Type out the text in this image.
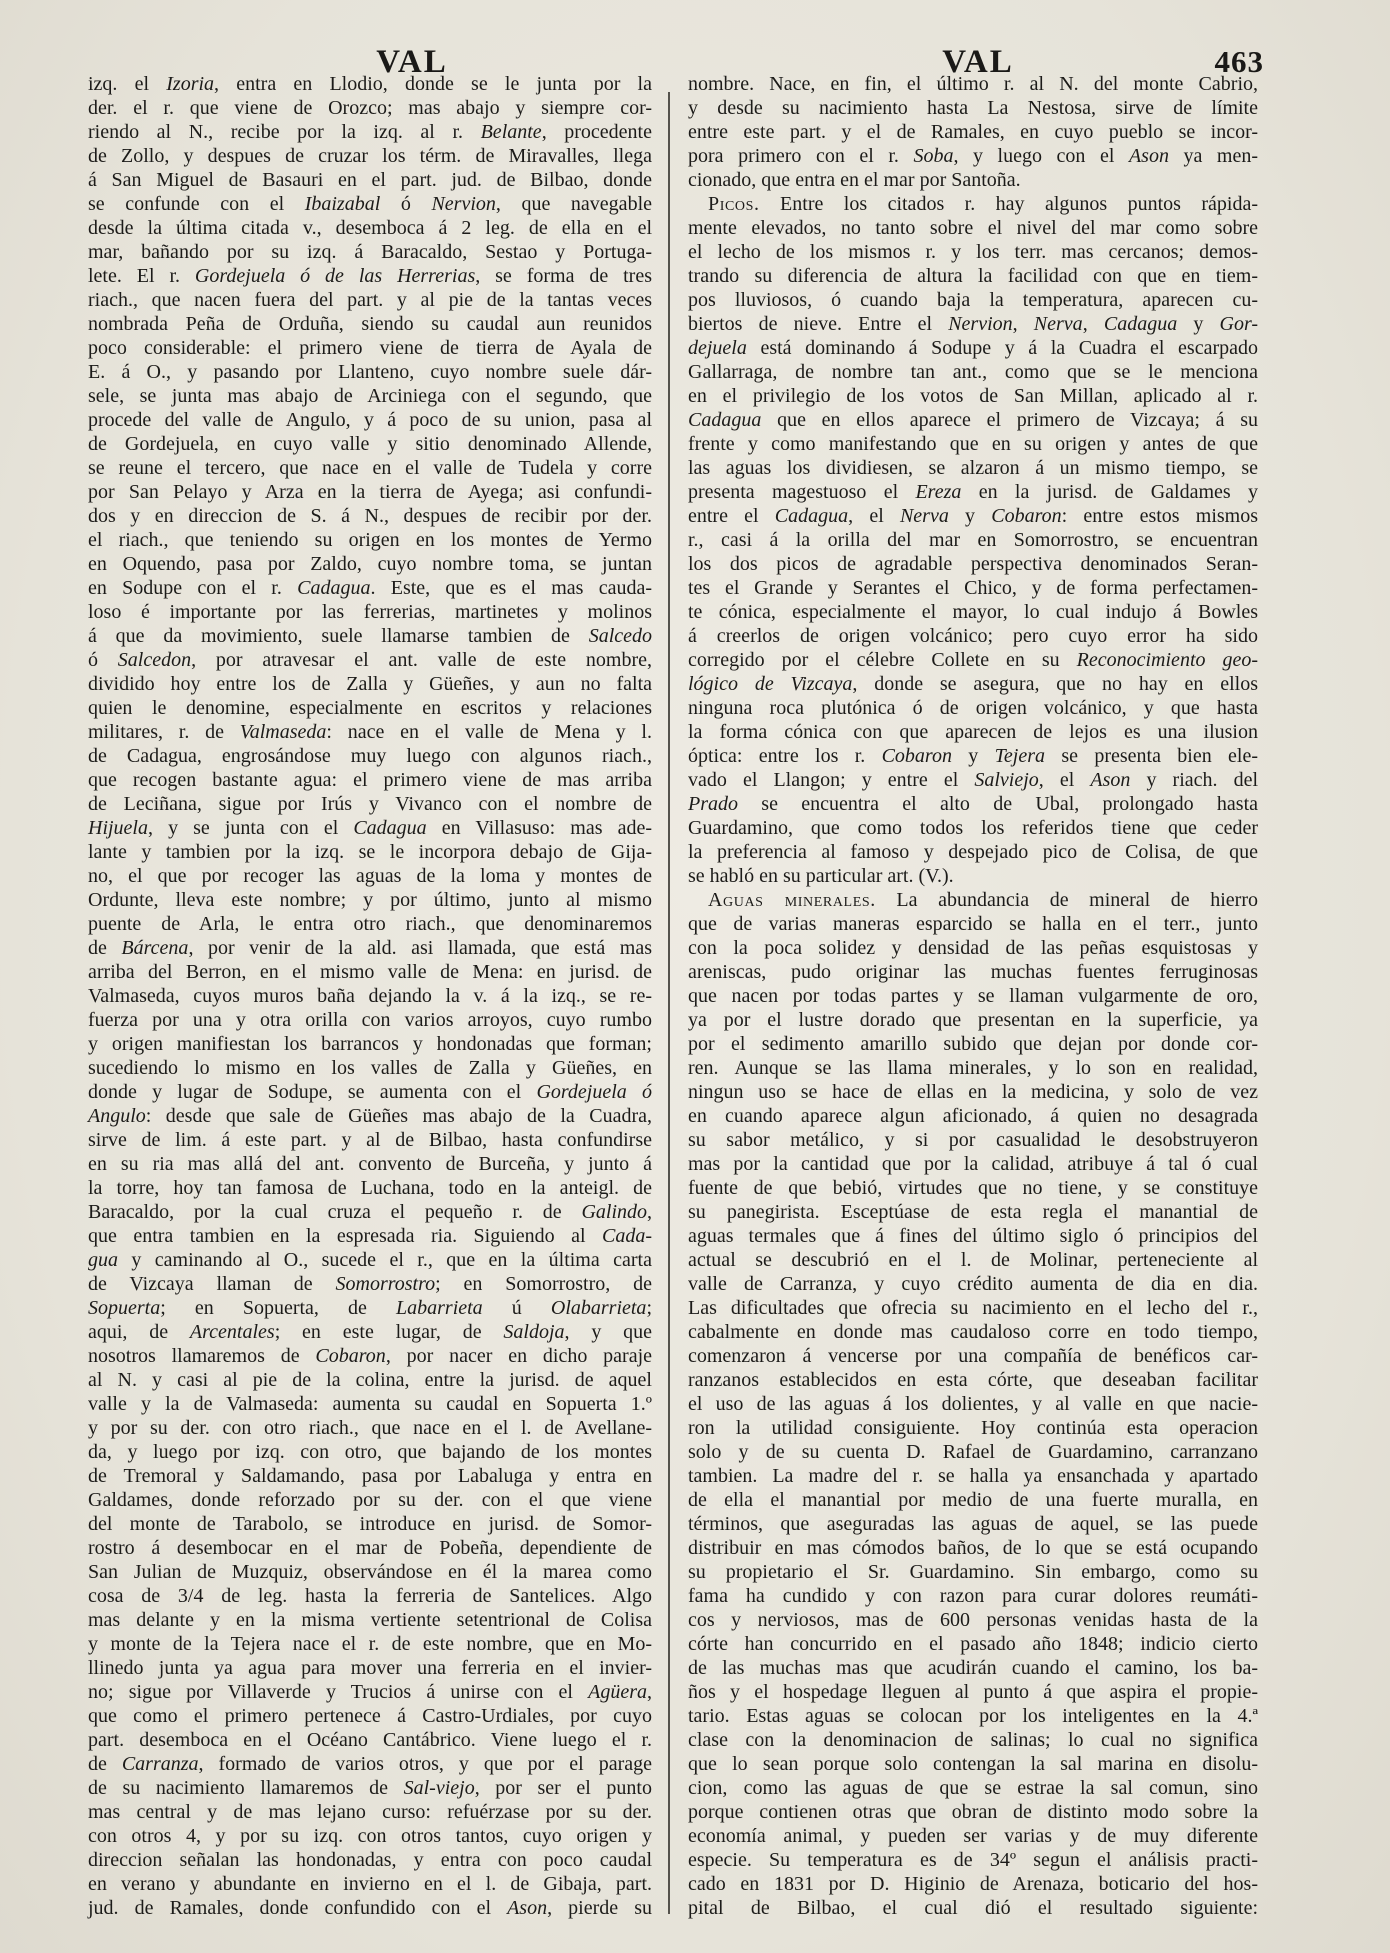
VAL	VAL	463
izq. el Izoria, entra en Llodio, donde se le junta por la
der. el r. que viene de Orozco; mas abajo y siempre cor-
riendo al N., recibe por la izq. al r. Belante, procedente
de Zollo, y despues de cruzar los térm. de Miravalles, llega
á San Miguel de Basauri en el part. jud. de Bilbao, donde
se confunde con el Ibaizabal ó Nervion, que navegable
desde la última citada v., desemboca á 2 leg. de ella en el
mar, bañando por su izq. á Baracaldo, Sestao y Portuga-
lete. El r. Gordejuela ó de las Herrerias, se forma de tres
riach., que nacen fuera del part. y al pie de la tantas veces
nombrada Peña de Orduña, siendo su caudal aun reunidos
poco considerable: el primero viene de tierra de Ayala de
E. á O., y pasando por Llanteno, cuyo nombre suele dár-
sele, se junta mas abajo de Arciniega con el segundo, que
procede del valle de Angulo, y á poco de su union, pasa al
de Gordejuela, en cuyo valle y sitio denominado Allende,
se reune el tercero, que nace en el valle de Tudela y corre
por San Pelayo y Arza en la tierra de Ayega; asi confundi-
dos y en direccion de S. á N., despues de recibir por der.
el riach., que teniendo su origen en los montes de Yermo
en Oquendo, pasa por Zaldo, cuyo nombre toma, se juntan
en Sodupe con el r. Cadagua. Este, que es el mas cauda-
loso é importante por las ferrerias, martinetes y molinos
á que da movimiento, suele llamarse tambien de Salcedo
ó Salcedon, por atravesar el ant. valle de este nombre,
dividido hoy entre los de Zalla y Güeñes, y aun no falta
quien le denomine, especialmente en escritos y relaciones
militares, r. de Valmaseda: nace en el valle de Mena y l.
de Cadagua, engrosándose muy luego con algunos riach.,
que recogen bastante agua: el primero viene de mas arriba
de Leciñana, sigue por Irús y Vivanco con el nombre de
Hijuela, y se junta con el Cadagua en Villasuso: mas ade-
lante y tambien por la izq. se le incorpora debajo de Gija-
no, el que por recoger las aguas de la loma y montes de
Ordunte, lleva este nombre; y por último, junto al mismo
puente de Arla, le entra otro riach., que denominaremos
de Bárcena, por venir de la ald. asi llamada, que está mas
arriba del Berron, en el mismo valle de Mena: en jurisd. de
Valmaseda, cuyos muros baña dejando la v. á la izq., se re-
fuerza por una y otra orilla con varios arroyos, cuyo rumbo
y origen manifiestan los barrancos y hondonadas que forman;
sucediendo lo mismo en los valles de Zalla y Güeñes, en
donde y lugar de Sodupe, se aumenta con el Gordejuela ó
Angulo: desde que sale de Güeñes mas abajo de la Cuadra,
sirve de lim. á este part. y al de Bilbao, hasta confundirse
en su ria mas allá del ant. convento de Burceña, y junto á
la torre, hoy tan famosa de Luchana, todo en la anteigl. de
Baracaldo, por la cual cruza el pequeño r. de Galindo,
que entra tambien en la espresada ria. Siguiendo al Cada-
gua y caminando al O., sucede el r., que en la última carta
de Vizcaya llaman de Somorrostro; en Somorrostro, de
Sopuerta; en Sopuerta, de Labarrieta ú Olabarrieta;
aqui, de Arcentales; en este lugar, de Saldoja, y que
nosotros llamaremos de Cobaron, por nacer en dicho paraje
al N. y casi al pie de la colina, entre la jurisd. de aquel
valle y la de Valmaseda: aumenta su caudal en Sopuerta 1.º
y por su der. con otro riach., que nace en el l. de Avellane-
da, y luego por izq. con otro, que bajando de los montes
de Tremoral y Saldamando, pasa por Labaluga y entra en
Galdames, donde reforzado por su der. con el que viene
del monte de Tarabolo, se introduce en jurisd. de Somor-
rostro á desembocar en el mar de Pobeña, dependiente de
San Julian de Muzquiz, observándose en él la marea como
cosa de 3/4 de leg. hasta la ferreria de Santelices. Algo
mas delante y en la misma vertiente setentrional de Colisa
y monte de la Tejera nace el r. de este nombre, que en Mo-
llinedo junta ya agua para mover una ferreria en el invier-
no; sigue por Villaverde y Trucios á unirse con el Agüera,
que como el primero pertenece á Castro-Urdiales, por cuyo
part. desemboca en el Océano Cantábrico. Viene luego el r.
de Carranza, formado de varios otros, y que por el parage
de su nacimiento llamaremos de Sal-viejo, por ser el punto
mas central y de mas lejano curso: refuérzase por su der.
con otros 4, y por su izq. con otros tantos, cuyo origen y
direccion señalan las hondonadas, y entra con poco caudal
en verano y abundante en invierno en el l. de Gibaja, part.
jud. de Ramales, donde confundido con el Ason, pierde su
nombre. Nace, en fin, el último r. al N. del monte Cabrio,
y desde su nacimiento hasta La Nestosa, sirve de límite
entre este part. y el de Ramales, en cuyo pueblo se incor-
pora primero con el r. Soba, y luego con el Ason ya men-
cionado, que entra en el mar por Santoña.
Picos. Entre los citados r. hay algunos puntos rápida-
mente elevados, no tanto sobre el nivel del mar como sobre
el lecho de los mismos r. y los terr. mas cercanos; demos-
trando su diferencia de altura la facilidad con que en tiem-
pos lluviosos, ó cuando baja la temperatura, aparecen cu-
biertos de nieve. Entre el Nervion, Nerva, Cadagua y Gor-
dejuela está dominando á Sodupe y á la Cuadra el escarpado
Gallarraga, de nombre tan ant., como que se le menciona
en el privilegio de los votos de San Millan, aplicado al r.
Cadagua que en ellos aparece el primero de Vizcaya; á su
frente y como manifestando que en su origen y antes de que
las aguas los dividiesen, se alzaron á un mismo tiempo, se
presenta magestuoso el Ereza en la jurisd. de Galdames y
entre el Cadagua, el Nerva y Cobaron: entre estos mismos
r., casi á la orilla del mar en Somorrostro, se encuentran
los dos picos de agradable perspectiva denominados Seran-
tes el Grande y Serantes el Chico, y de forma perfectamen-
te cónica, especialmente el mayor, lo cual indujo á Bowles
á creerlos de origen volcánico; pero cuyo error ha sido
corregido por el célebre Collete en su Reconocimiento geo-
lógico de Vizcaya, donde se asegura, que no hay en ellos
ninguna roca plutónica ó de origen volcánico, y que hasta
la forma cónica con que aparecen de lejos es una ilusion
óptica: entre los r. Cobaron y Tejera se presenta bien ele-
vado el Llangon; y entre el Salviejo, el Ason y riach. del
Prado se encuentra el alto de Ubal, prolongado hasta
Guardamino, que como todos los referidos tiene que ceder
la preferencia al famoso y despejado pico de Colisa, de que
se habló en su particular art. (V.).
Aguas minerales. La abundancia de mineral de hierro
que de varias maneras esparcido se halla en el terr., junto
con la poca solidez y densidad de las peñas esquistosas y
areniscas, pudo originar las muchas fuentes ferruginosas
que nacen por todas partes y se llaman vulgarmente de oro,
ya por el lustre dorado que presentan en la superficie, ya
por el sedimento amarillo subido que dejan por donde cor-
ren. Aunque se las llama minerales, y lo son en realidad,
ningun uso se hace de ellas en la medicina, y solo de vez
en cuando aparece algun aficionado, á quien no desagrada
su sabor metálico, y si por casualidad le desobstruyeron
mas por la cantidad que por la calidad, atribuye á tal ó cual
fuente de que bebió, virtudes que no tiene, y se constituye
su panegirista. Esceptúase de esta regla el manantial de
aguas termales que á fines del último siglo ó principios del
actual se descubrió en el l. de Molinar, perteneciente al
valle de Carranza, y cuyo crédito aumenta de dia en dia.
Las dificultades que ofrecia su nacimiento en el lecho del r.,
cabalmente en donde mas caudaloso corre en todo tiempo,
comenzaron á vencerse por una compañía de benéficos car-
ranzanos establecidos en esta córte, que deseaban facilitar
el uso de las aguas á los dolientes, y al valle en que nacie-
ron la utilidad consiguiente. Hoy continúa esta operacion
solo y de su cuenta D. Rafael de Guardamino, carranzano
tambien. La madre del r. se halla ya ensanchada y apartado
de ella el manantial por medio de una fuerte muralla, en
términos, que aseguradas las aguas de aquel, se las puede
distribuir en mas cómodos baños, de lo que se está ocupando
su propietario el Sr. Guardamino. Sin embargo, como su
fama ha cundido y con razon para curar dolores reumáti-
cos y nerviosos, mas de 600 personas venidas hasta de la
córte han concurrido en el pasado año 1848; indicio cierto
de las muchas mas que acudirán cuando el camino, los ba-
ños y el hospedage lleguen al punto á que aspira el propie-
tario. Estas aguas se colocan por los inteligentes en la 4.ª
clase con la denominacion de salinas; lo cual no significa
que lo sean porque solo contengan la sal marina en disolu-
cion, como las aguas de que se estrae la sal comun, sino
porque contienen otras que obran de distinto modo sobre la
economía animal, y pueden ser varias y de muy diferente
especie. Su temperatura es de 34º segun el análisis practi-
cado en 1831 por D. Higinio de Arenaza, boticario del hos-
pital de Bilbao, el cual dió el resultado siguiente:
